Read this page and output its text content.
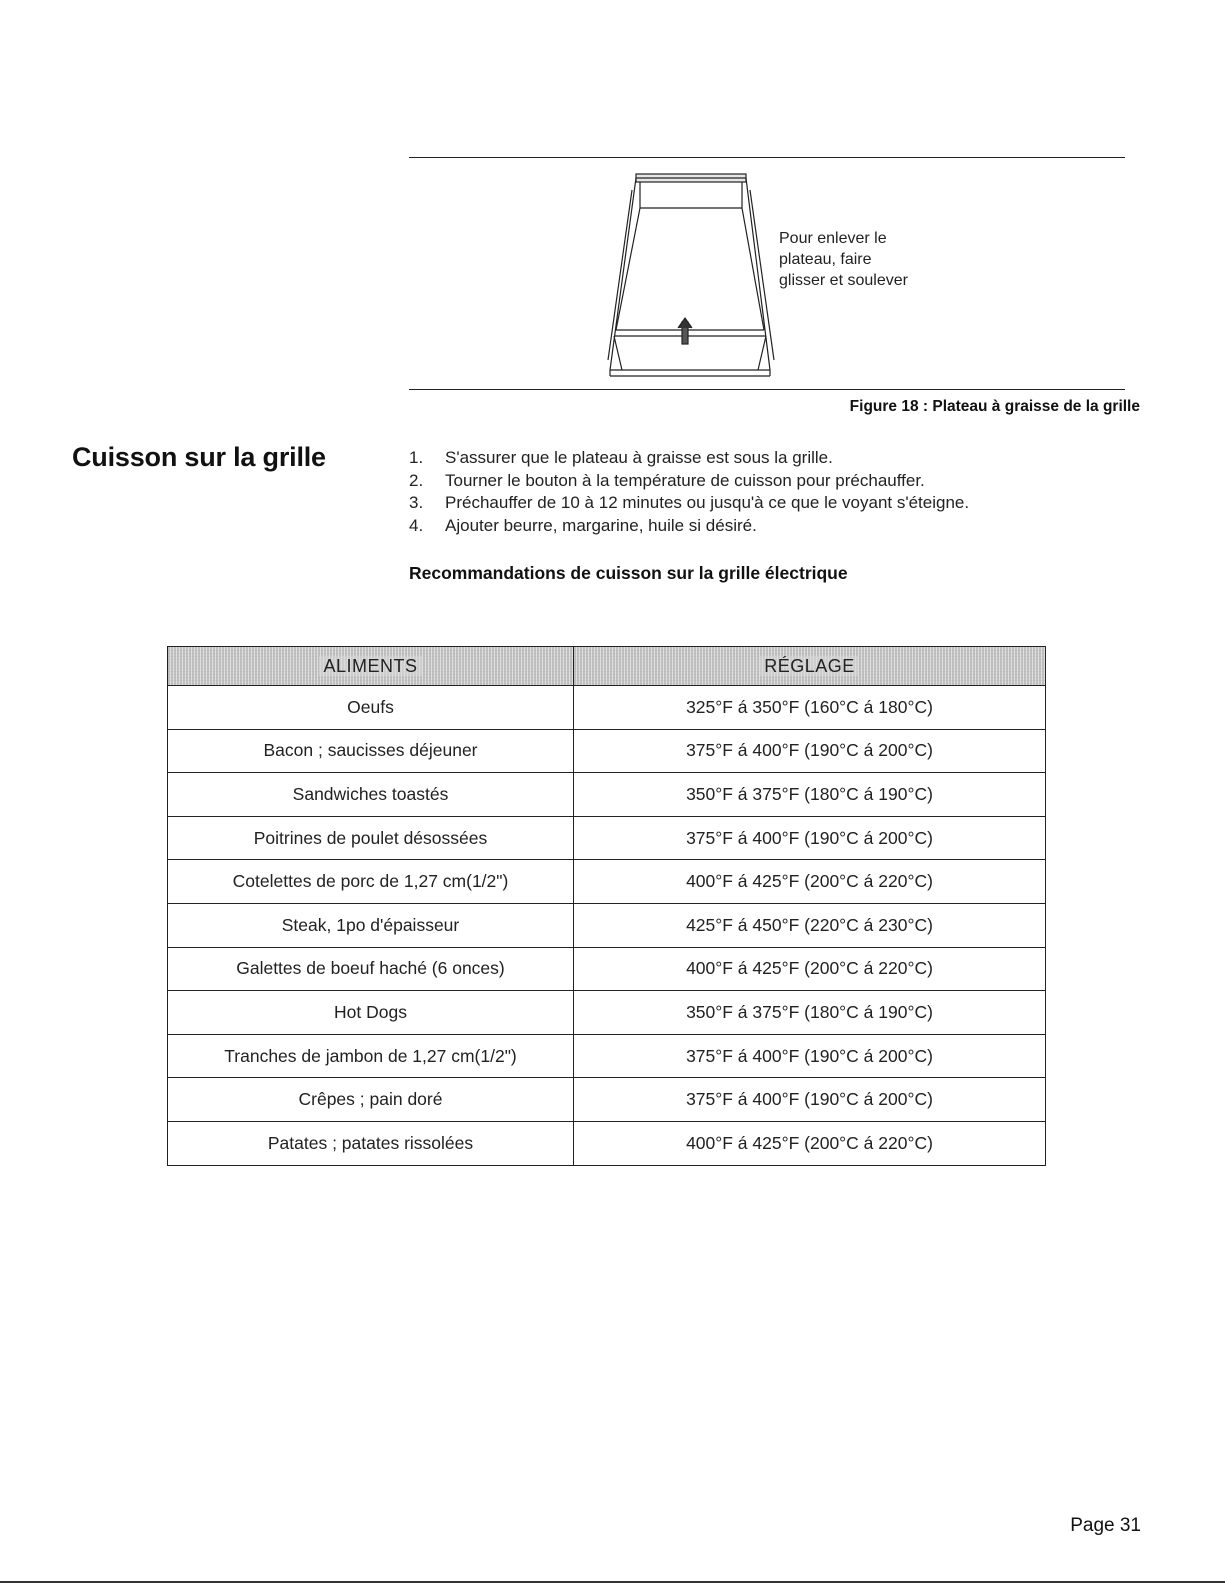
Pour enlever le
plateau, faire
glisser et soulever
Figure 18 : Plateau à graisse de la grille
Cuisson sur la grille	1.	S'assurer que le plateau à graisse est sous la grille.
2.	Tourner le bouton à la température de cuisson pour préchauffer.
3.	Préchauffer de 10 à 12 minutes ou jusqu'à ce que le voyant s'éteigne.
4.	Ajouter beurre, margarine, huile si désiré.
Recommandations de cuisson sur la grille électrique
ALIMENTS	RÉGLAGE
Oeufs	325°F á 350°F (160°C á 180°C)
Bacon ; saucisses déjeuner	375°F á 400°F (190°C á 200°C)
Sandwiches toastés	350°F á 375°F (180°C á 190°C)
Poitrines de poulet désossées	375°F á 400°F (190°C á 200°C)
Cotelettes de porc de 1,27 cm(1/2")	400°F á 425°F (200°C á 220°C)
Steak, 1po d'épaisseur	425°F á 450°F (220°C á 230°C)
Galettes de boeuf haché (6 onces)	400°F á 425°F (200°C á 220°C)
Hot Dogs	350°F á 375°F (180°C á 190°C)
Tranches de jambon de 1,27 cm(1/2")	375°F á 400°F (190°C á 200°C)
Crêpes ; pain doré	375°F á 400°F (190°C á 200°C)
Patates ; patates rissolées	400°F á 425°F (200°C á 220°C)
Page 31
